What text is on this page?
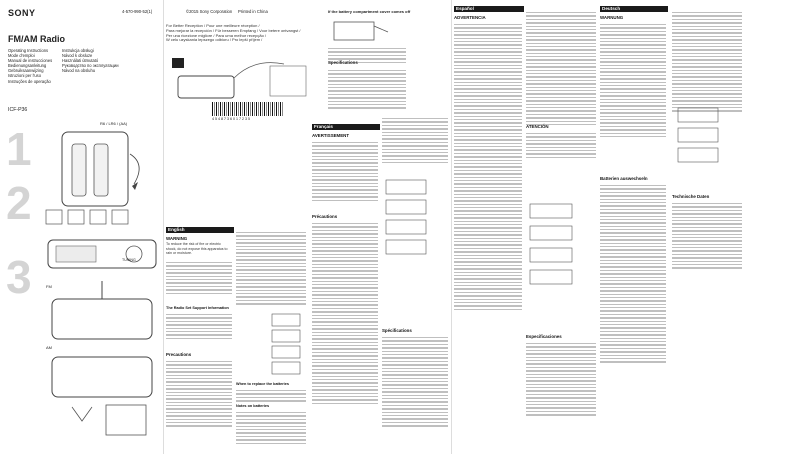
SONY	4-570-990-52(1)	©2015 Sony Corporation Printed in China
FM/AM Radio
Operating Instructions
Mode d’emploi
Manual de instrucciones
Bedienungsanleitung
Gebruiksaanwijzing
Istruzioni per l’uso
Instruções de operação
Instrukcja obsługi
Návod k obsluze
Használati útmutató
Руководство по эксплуатации
Návod na obsluhu
ICF-P36
1
2
3
R6 / LR6 / (AA)
TUNING
FM
AM
For Better Reception / Pour une meilleure réception /
Para mejorar la recepción / Für besseren Empfang / Voor betere ontvangst /
Per una ricezione migliore / Para uma melhor recepção /
W celu uzyskania lepszego odbioru / Pro lepší příjem /
4 5 4 8 7 3 6 0 1 7 2 3 5
If the battery compartment cover comes off
Specifications
English
WARNING
To reduce the risk of fire or electric shock, do not expose this apparatus to rain or moisture.
The Radio Set Support Information
Precautions
When to replace the batteries
Notes on batteries
Français
AVERTISSEMENT
Précautions
Spécifications
Español
ADVERTENCIA
ATENCIÓN
Especificaciones
Deutsch
WARNUNG
Batterien auswechseln
Technische Daten
